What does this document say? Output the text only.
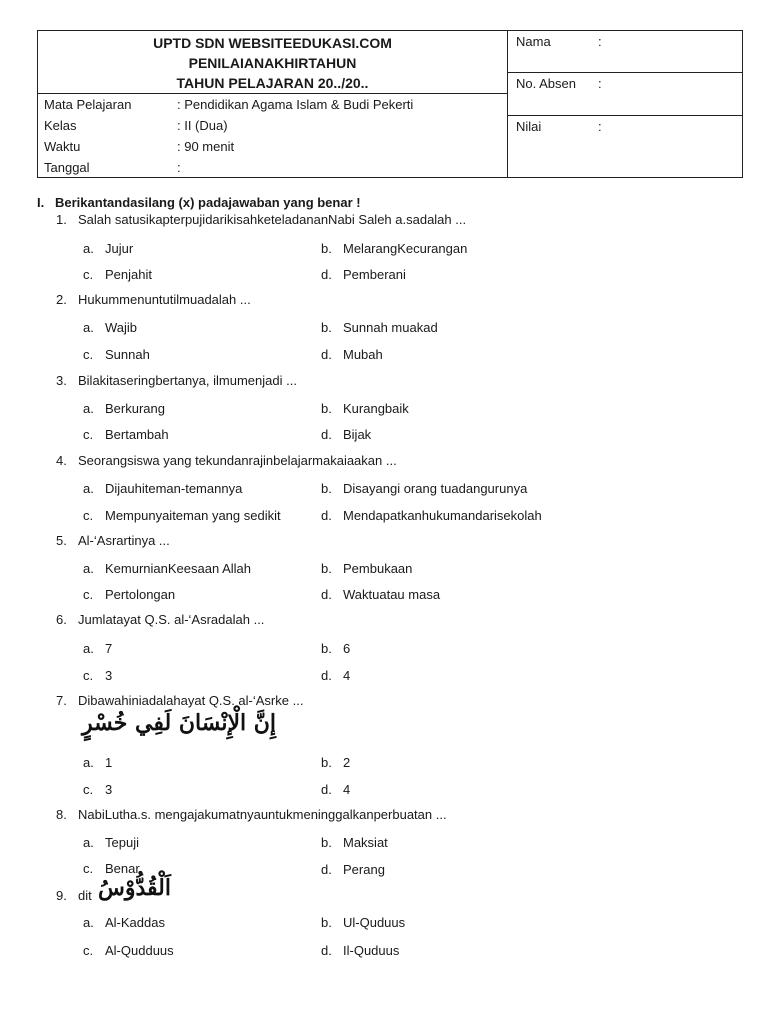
UPTD SDN WEBSITEEDUKASI.COM
PENILAIANAKHIRTAHUN
TAHUN PELAJARAN 20../20..
Mata Pelajaran	: Pendidikan Agama Islam & Budi Pekerti
Kelas	: II (Dua)
Waktu	: 90 menit
Tanggal	:
Nama	:
No. Absen :
Nilai	:
I. Berikantandasilang (x) padajawaban yang benar !
1. Salah satusikapterpujidarikisahketeladananNabi Saleh a.sadalah ...
a. Jujur	b. MelarangKecurangan
c. Penjahit	d. Pemberani
2. Hukummenuntutilmuadalah ...
a. Wajib	b. Sunnah muakad
c. Sunnah	d. Mubah
3. Bilakitaseringbertanya, ilmumenjadi ...
a. Berkurang	b. Kurangbaik
c. Bertambah	d. Bijak
4. Seorangsiswa yang tekundanrajinbelajarmakaiaakan ...
a. Dijauhiteman-temannya	b. Disayangi orang tuadangurunya
c. Mempunyaiteman yang sedikit	d. Mendapatkanhukumandarisekolah
5. Al-‘Asrartinya ...
a. KemurnianKeesaan Allah	b. Pembukaan
c. Pertolongan	d. Waktuatau masa
6. Jumlatayat Q.S. al-‘Asradalah ...
a. 7	b. 6
c. 3	d. 4
7. Dibawahiniadalahayat Q.S. al-‘Asrke ...
إِنَّ الْإِنْسَانَ لَفِي خُسْرٍ
a. 1	b. 2
c. 3	d. 4
8. NabiLutha.s. mengajakumatnyauntukmeninggalkanperbuatan ...
a. Tepuji	b. Maksiat
c. Benar	d. Perang
9. dit اَلْقُدُّوْسُ
a. Al-Kaddas	b. Ul-Quduus
c. Al-Qudduus	d. Il-Quduus
